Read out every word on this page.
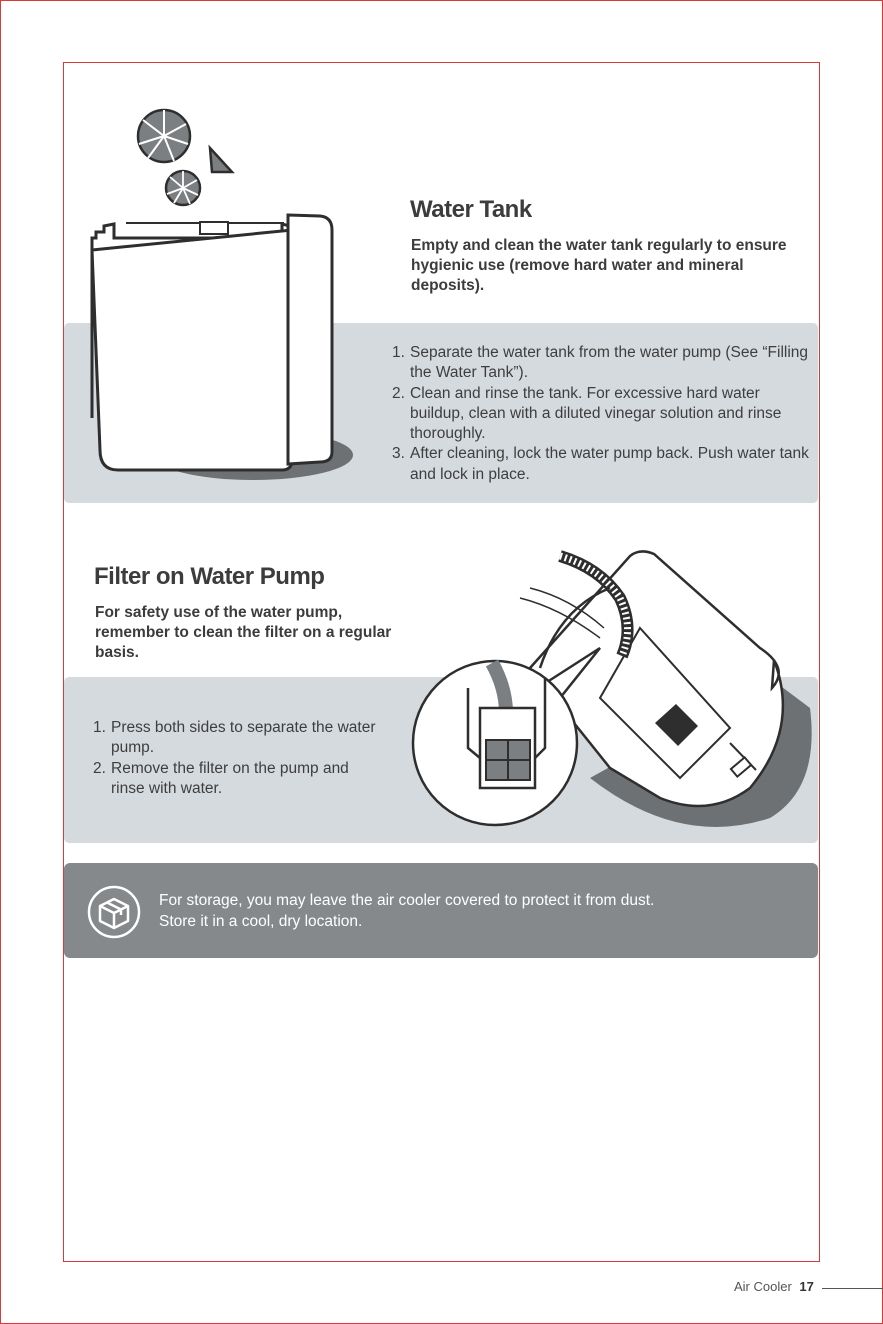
Water Tank
Empty and clean the water tank regularly to ensure hygienic use (remove hard water and mineral deposits).
1. Separate the water tank from the water pump (See “Filling the Water Tank”).
2. Clean and rinse the tank. For excessive hard water buildup, clean with a diluted vinegar solution and rinse thoroughly.
3. After cleaning, lock the water pump back. Push water tank and lock in place.
Filter on Water Pump
For safety use of the water pump, remember to clean the filter on a regular basis.
1. Press both sides to separate the water pump.
2. Remove the filter on the pump and rinse with water.
For storage, you may leave the air cooler covered to protect it from dust.
Store it in a cool, dry location.
Air Cooler 17
